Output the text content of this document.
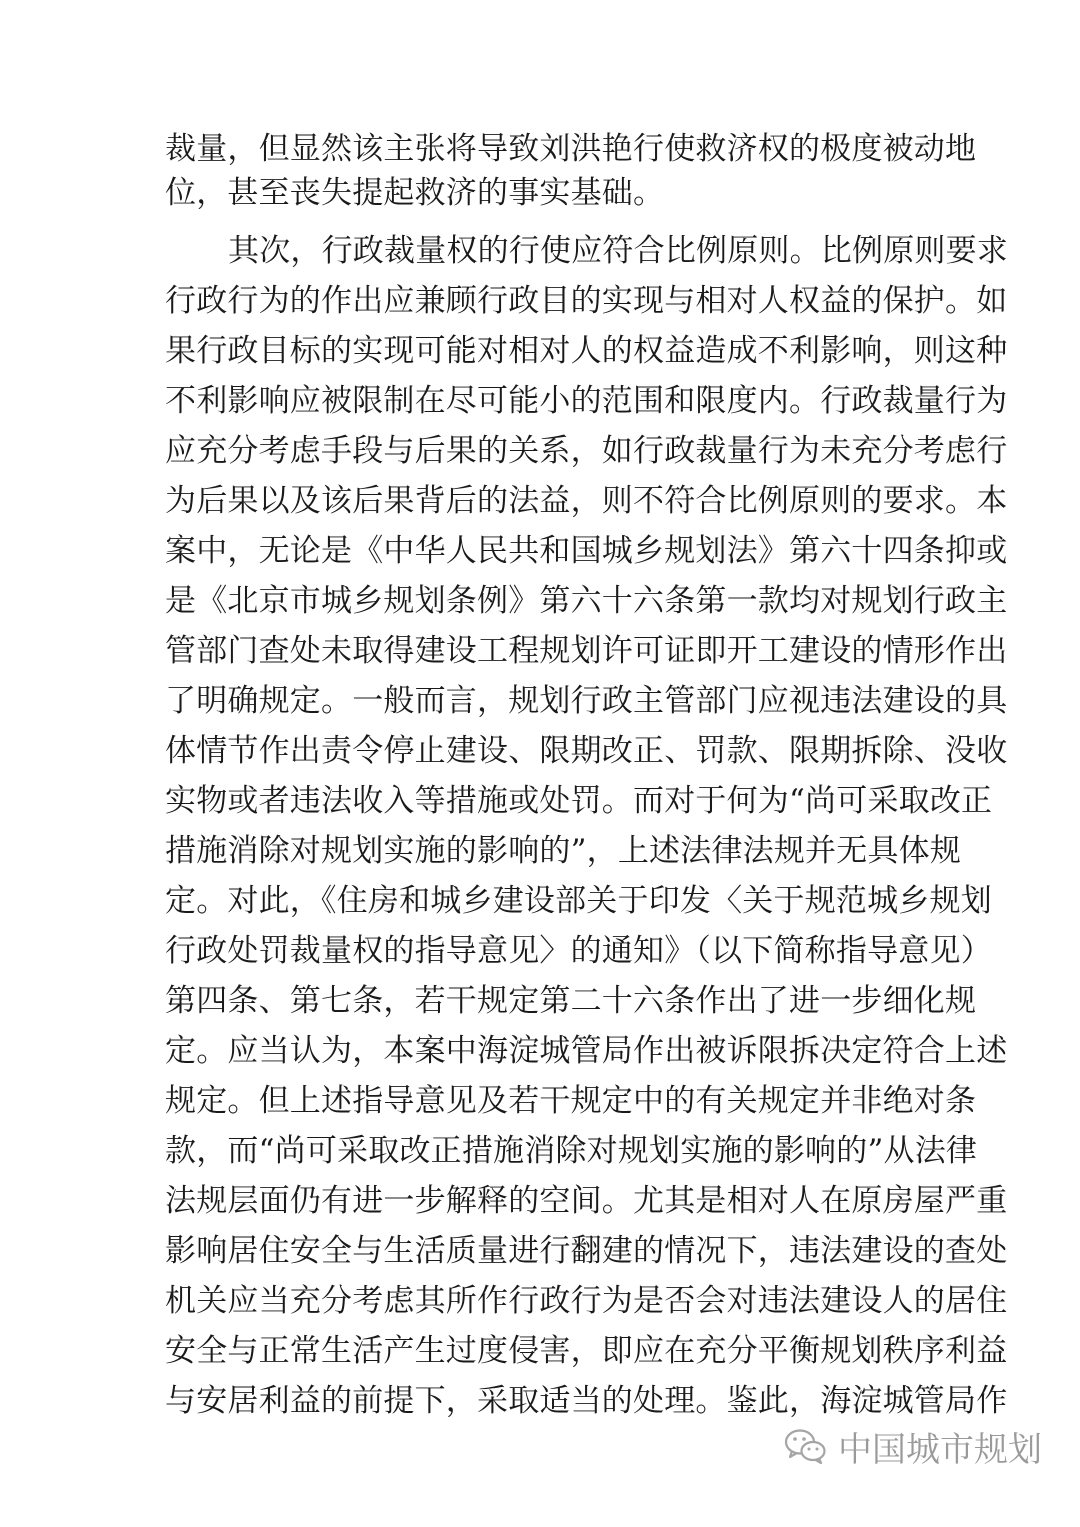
裁量，但显然该主张将导致刘洪艳行使救济权的极度被动地
位，甚至丧失提起救济的事实基础。
其次，行政裁量权的行使应符合比例原则。比例原则要求
行政行为的作出应兼顾行政目的实现与相对人权益的保护。如
果行政目标的实现可能对相对人的权益造成不利影响，则这种
不利影响应被限制在尽可能小的范围和限度内。行政裁量行为
应充分考虑手段与后果的关系，如行政裁量行为未充分考虑行
为后果以及该后果背后的法益，则不符合比例原则的要求。本
案中，无论是《中华人民共和国城乡规划法》第六十四条抑或
是《北京市城乡规划条例》第六十六条第一款均对规划行政主
管部门查处未取得建设工程规划许可证即开工建设的情形作出
了明确规定。一般而言，规划行政主管部门应视违法建设的具
体情节作出责令停止建设、限期改正、罚款、限期拆除、没收
实物或者违法收入等措施或处罚。而对于何为“尚可采取改正
措施消除对规划实施的影响的”，上述法律法规并无具体规
定。对此，《住房和城乡建设部关于印发〈关于规范城乡规划
行政处罚裁量权的指导意见〉的通知》（以下简称指导意见）
第四条、第七条，若干规定第二十六条作出了进一步细化规
定。应当认为，本案中海淀城管局作出被诉限拆决定符合上述
规定。但上述指导意见及若干规定中的有关规定并非绝对条
款，而“尚可采取改正措施消除对规划实施的影响的”从法律
法规层面仍有进一步解释的空间。尤其是相对人在原房屋严重
影响居住安全与生活质量进行翻建的情况下，违法建设的查处
机关应当充分考虑其所作行政行为是否会对违法建设人的居住
安全与正常生活产生过度侵害，即应在充分平衡规划秩序利益
与安居利益的前提下，采取适当的处理。鉴此，海淀城管局作
中国城市规划
